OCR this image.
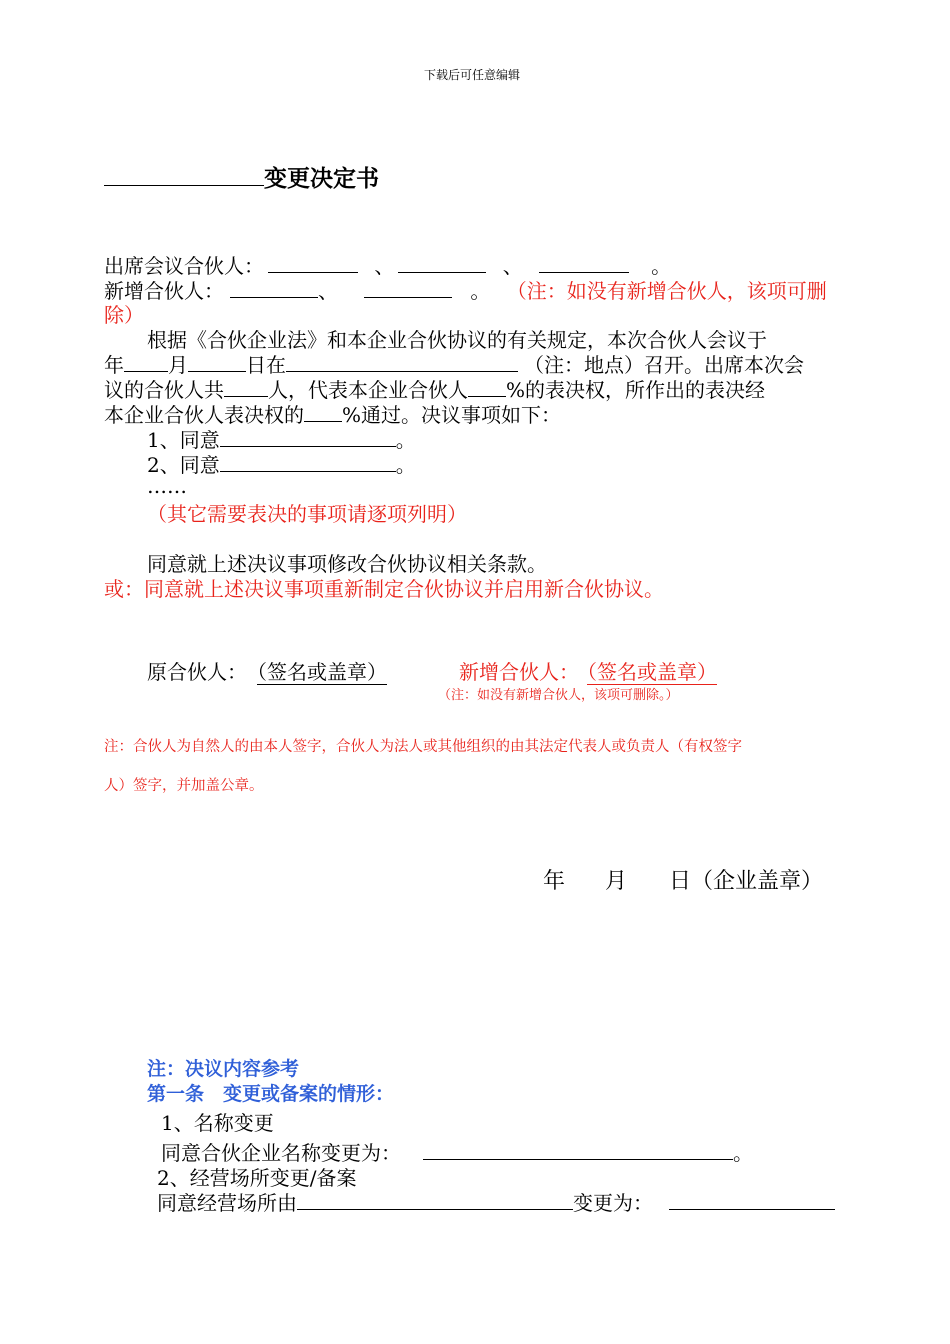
下载后可任意编辑
变更决定书
出席会议合伙人：	、	、	。
新增合伙人：	、	。 （注：如没有新增合伙人，该项可删
除）
根据《合伙企业法》和本企业合伙协议的有关规定，本次合伙人会议于
年 月	日在	（注：地点）召开。出席本次会
议的合伙人共 人，代表本企业合伙人 %的表决权，所作出的表决经
本企业合伙人表决权的 %通过。决议事项如下：
1、同意	。
2、同意	。
……
（其它需要表决的事项请逐项列明）
同意就上述决议事项修改合伙协议相关条款。
或：同意就上述决议事项重新制定合伙协议并启用新合伙协议。
原合伙人： （签名或盖章）	新增合伙人： （签名或盖章）
（注：如没有新增合伙人，该项可删除。）
注：合伙人为自然人的由本人签字，合伙人为法人或其他组织的由其法定代表人或负责人（有权签字
人）签字，并加盖公章。
年 月 日（企业盖章）
注：决议内容参考
第一条　变更或备案的情形：
1、名称变更
同意合伙企业名称变更为：	。
2、经营场所变更/备案
同意经营场所由	变更为：
